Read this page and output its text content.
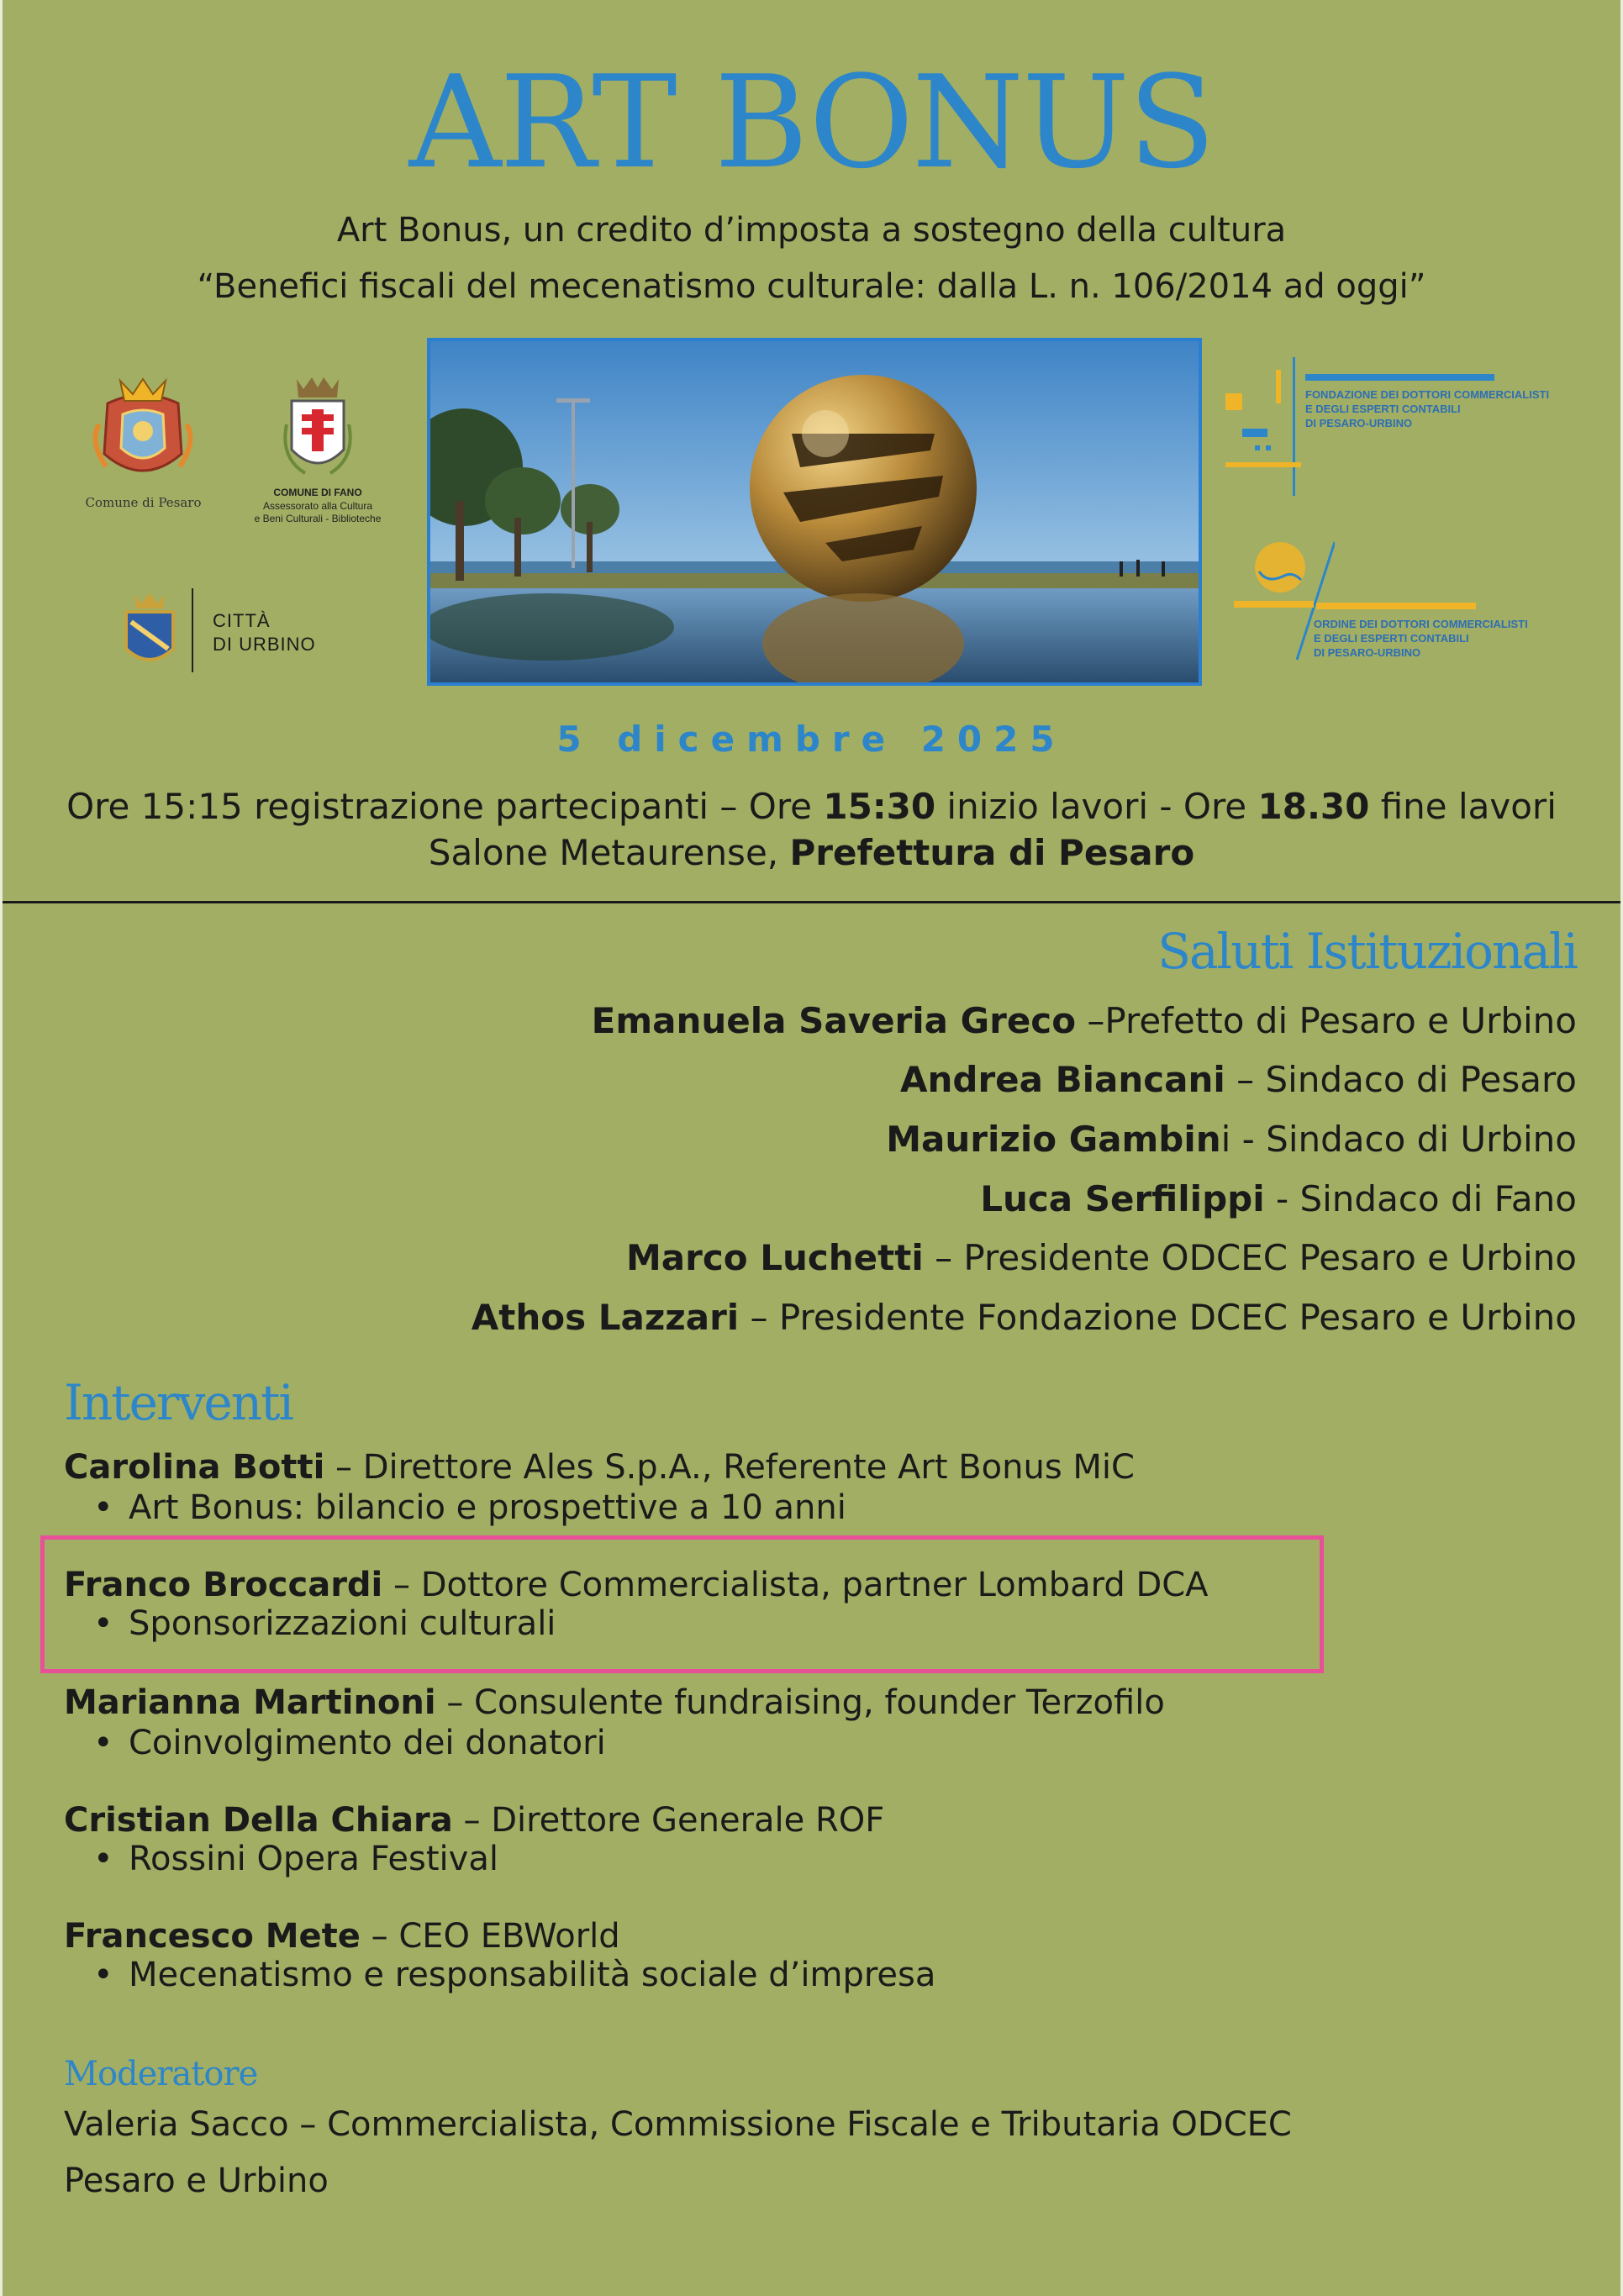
ART BONUS
Art Bonus, un credito d’imposta a sostegno della cultura
“Benefici fiscali del mecenatismo culturale: dalla L. n. 106/2014 ad oggi”
Comune di Pesaro
COMUNE DI FANO
Assessorato alla Cultura
e Beni Culturali - Biblioteche
CITTÀ
DI URBINO
FONDAZIONE DEI DOTTORI COMMERCIALISTI
E DEGLI ESPERTI CONTABILI
DI PESARO-URBINO
ORDINE DEI DOTTORI COMMERCIALISTI
E DEGLI ESPERTI CONTABILI
DI PESARO-URBINO
5 dicembre 2025
Ore 15:15 registrazione partecipanti – Ore 15:30 inizio lavori - Ore 18.30 fine lavori
Salone Metaurense, Prefettura di Pesaro
Saluti Istituzionali
Emanuela Saveria Greco –Prefetto di Pesaro e Urbino
Andrea Biancani – Sindaco di Pesaro
Maurizio Gambini - Sindaco di Urbino
Luca Serfilippi - Sindaco di Fano
Marco Luchetti – Presidente ODCEC Pesaro e Urbino
Athos Lazzari – Presidente Fondazione DCEC Pesaro e Urbino
Interventi
Carolina Botti – Direttore Ales S.p.A., Referente Art Bonus MiC
• Art Bonus: bilancio e prospettive a 10 anni
Franco Broccardi – Dottore Commercialista, partner Lombard DCA
• Sponsorizzazioni culturali
Marianna Martinoni – Consulente fundraising, founder Terzofilo
• Coinvolgimento dei donatori
Cristian Della Chiara – Direttore Generale ROF
• Rossini Opera Festival
Francesco Mete – CEO EBWorld
• Mecenatismo e responsabilità sociale d’impresa
Moderatore
Valeria Sacco – Commercialista, Commissione Fiscale e Tributaria ODCEC
Pesaro e Urbino
